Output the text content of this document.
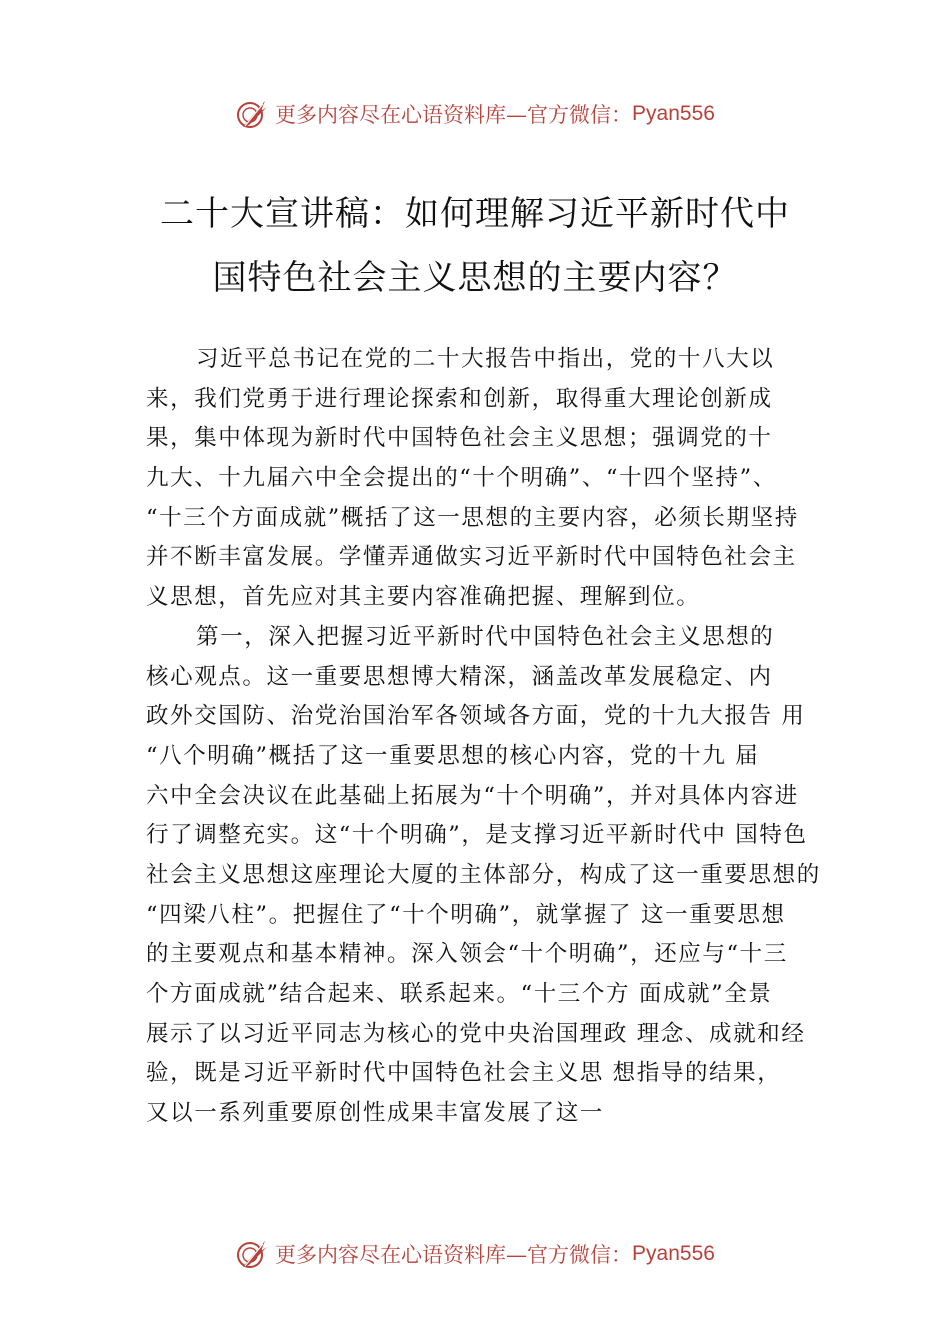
更多内容尽在心语资料库—官方微信： Pyan556
二十大宣讲稿：如何理解习近平新时代中
国特色社会主义思想的主要内容？
习近平总书记在党的二十大报告中指出，党的十八大以
来，我们党勇于进行理论探索和创新，取得重大理论创新成
果，集中体现为新时代中国特色社会主义思想；强调党的十
九大、十九届六中全会提出的“十个明确”、“十四个坚持”、
“十三个方面成就”概括了这一思想的主要内容，必须长期坚持
并不断丰富发展。学懂弄通做实习近平新时代中国特色社会主
义思想，首先应对其主要内容准确把握、理解到位。
第一，深入把握习近平新时代中国特色社会主义思想的
核心观点。这一重要思想博大精深，涵盖改革发展稳定、内
政外交国防、治党治国治军各领域各方面，党的十九大报告 用
“八个明确”概括了这一重要思想的核心内容，党的十九 届
六中全会决议在此基础上拓展为“十个明确”，并对具体内容进
行了调整充实。这“十个明确”，是支撑习近平新时代中 国特色
社会主义思想这座理论大厦的主体部分，构成了这一重要思想的
“四梁八柱”。把握住了“十个明确”，就掌握了 这一重要思想
的主要观点和基本精神。深入领会“十个明确”，还应与“十三
个方面成就”结合起来、联系起来。“十三个方 面成就”全景
展示了以习近平同志为核心的党中央治国理政 理念、成就和经
验，既是习近平新时代中国特色社会主义思 想指导的结果，
又以一系列重要原创性成果丰富发展了这一
更多内容尽在心语资料库—官方微信： Pyan556
